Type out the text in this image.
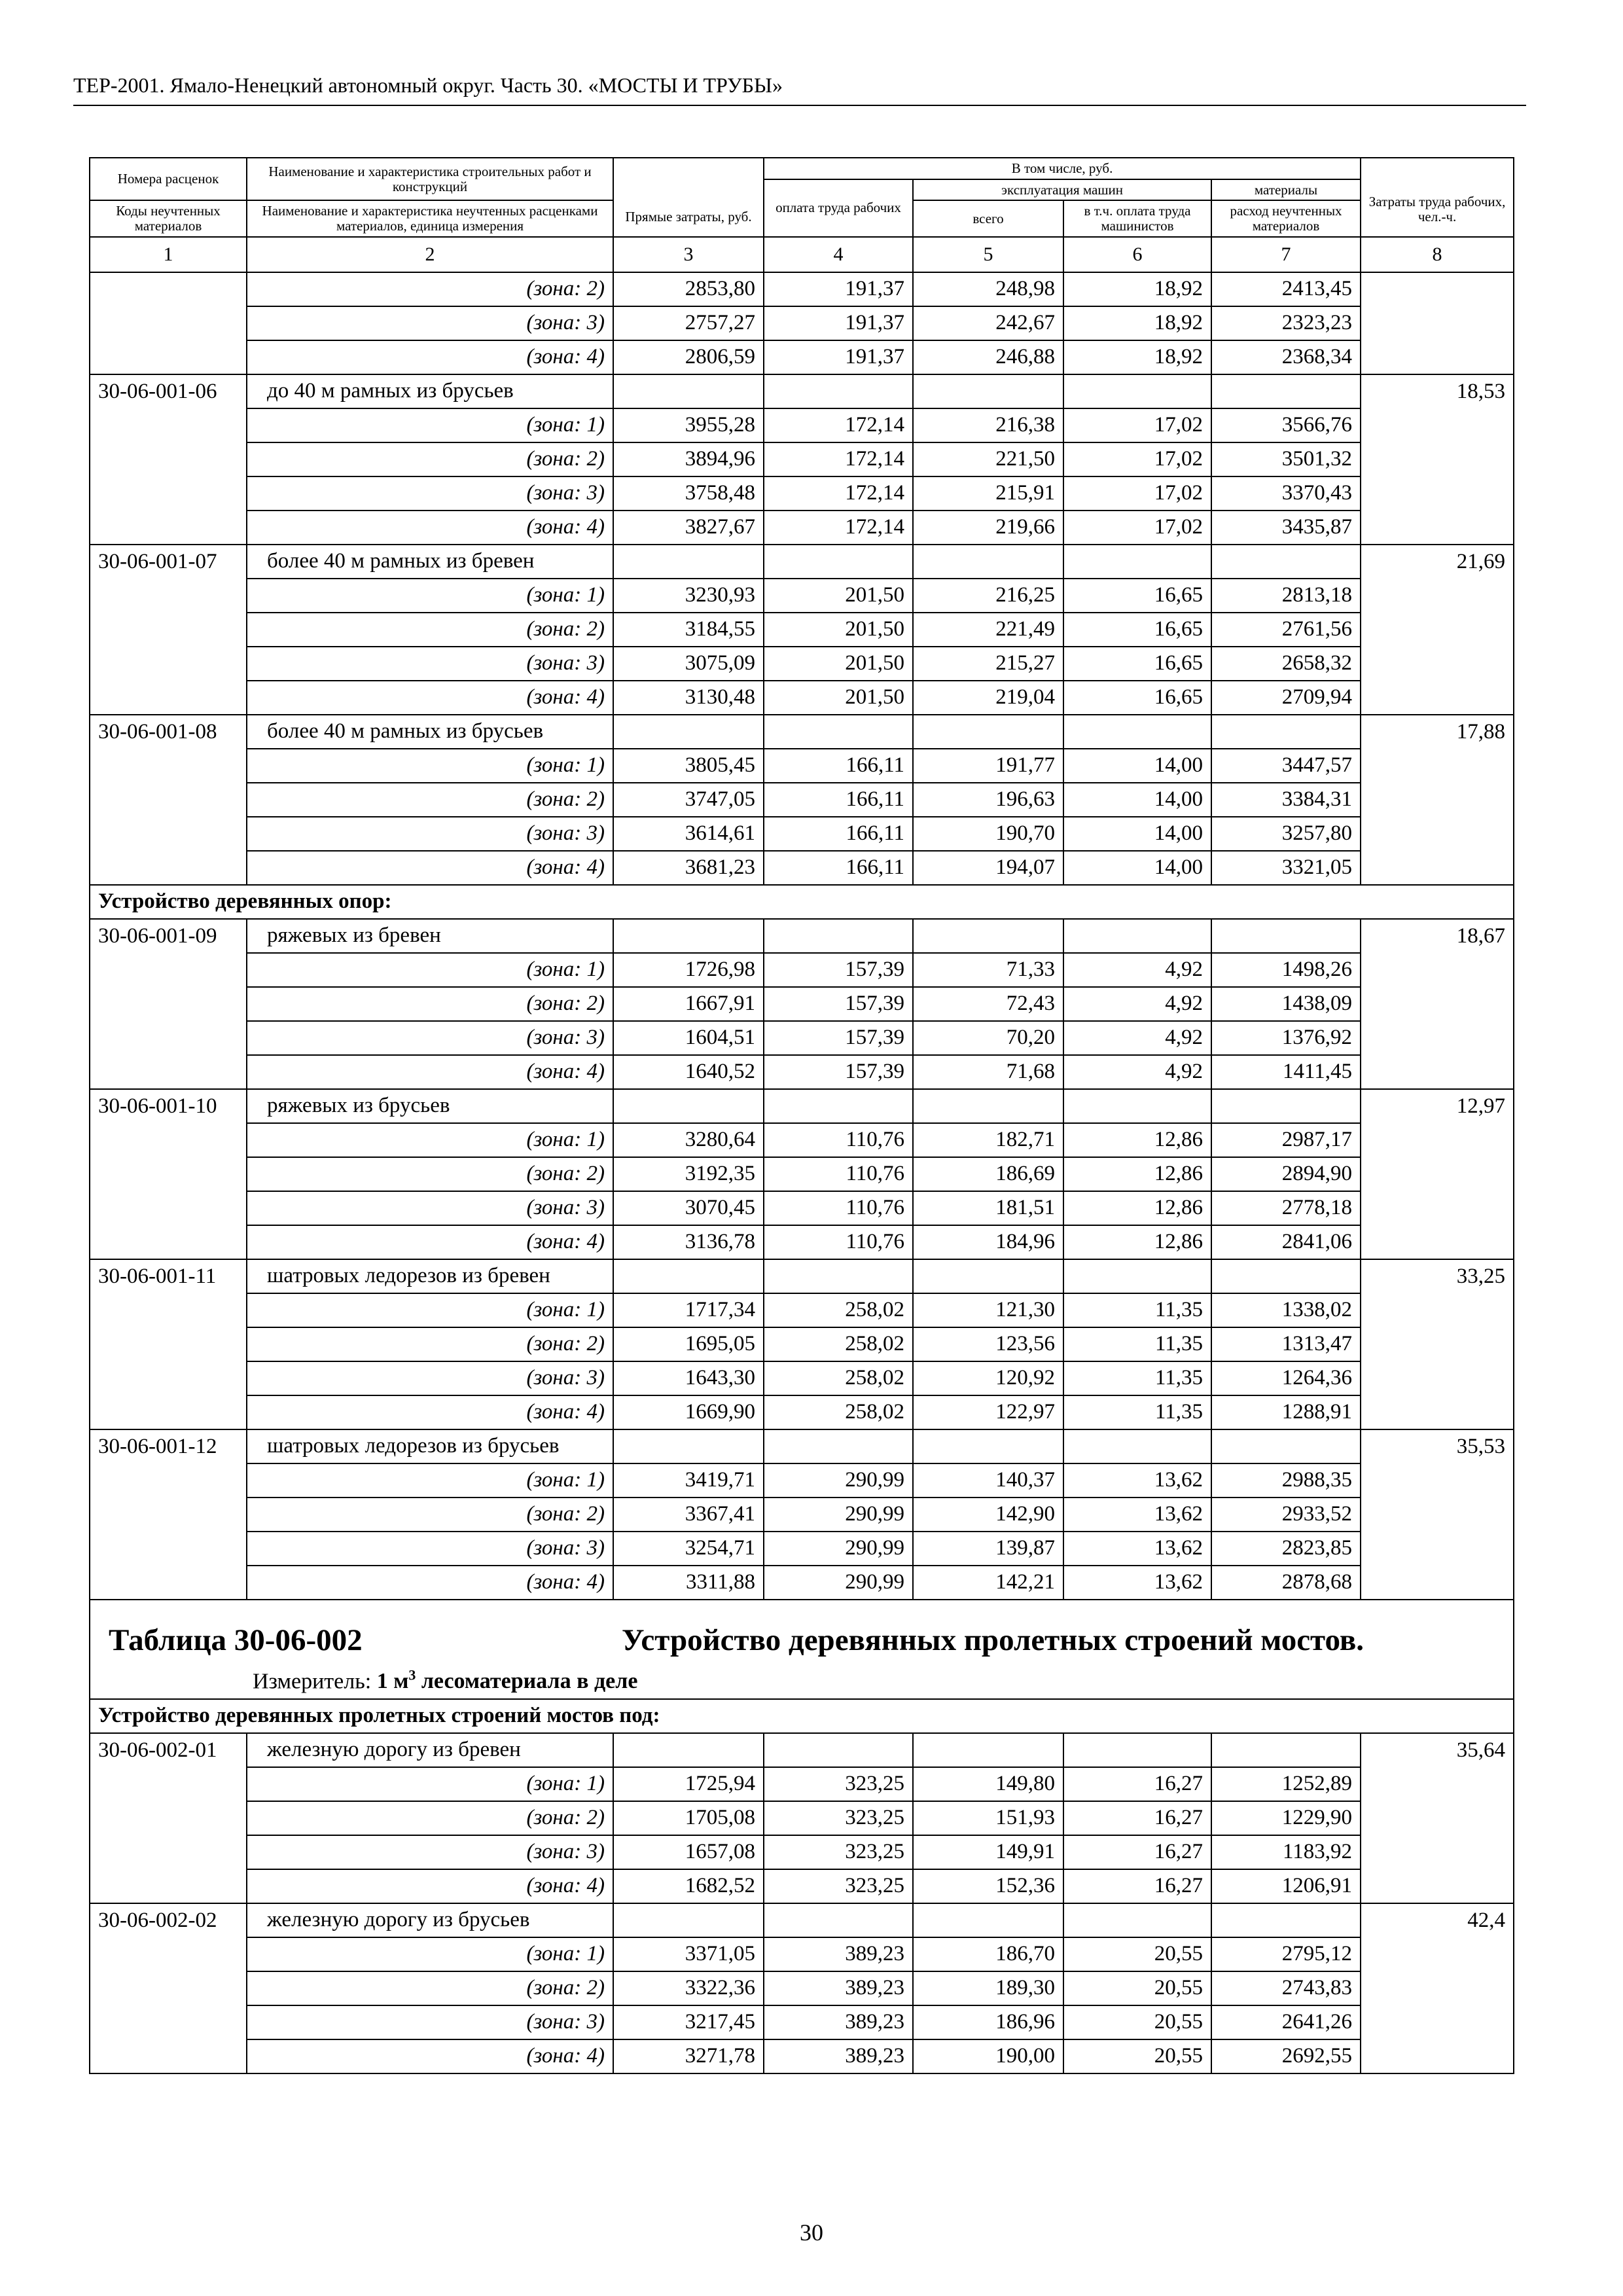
ТЕР-2001. Ямало-Ненецкий автономный округ. Часть 30. «МОСТЫ И ТРУБЫ»
Номера расценок	Наименование и характеристика строительных работ и конструкций	Прямые затраты, руб.	В том числе, руб.				Затраты труда рабочих, чел.-ч.
			оплата труда рабочих	эксплуатация машин		материалы	
Коды неучтенных материалов	Наименование и характеристика неучтенных расценками материалов, единица измерения			всего	в т.ч. оплата труда машинистов	расход неучтенных материалов	
1	2	3	4	5	6	7	8
	(зона: 2)	2853,80	191,37	248,98	18,92	2413,45	
	(зона: 3)	2757,27	191,37	242,67	18,92	2323,23	
	(зона: 4)	2806,59	191,37	246,88	18,92	2368,34	
30-06-001-06	до 40 м рамных из брусьев						18,53
	(зона: 1)	3955,28	172,14	216,38	17,02	3566,76	
	(зона: 2)	3894,96	172,14	221,50	17,02	3501,32	
	(зона: 3)	3758,48	172,14	215,91	17,02	3370,43	
	(зона: 4)	3827,67	172,14	219,66	17,02	3435,87	
30-06-001-07	более 40 м рамных из бревен						21,69
	(зона: 1)	3230,93	201,50	216,25	16,65	2813,18	
	(зона: 2)	3184,55	201,50	221,49	16,65	2761,56	
	(зона: 3)	3075,09	201,50	215,27	16,65	2658,32	
	(зона: 4)	3130,48	201,50	219,04	16,65	2709,94	
30-06-001-08	более 40 м рамных из брусьев						17,88
	(зона: 1)	3805,45	166,11	191,77	14,00	3447,57	
	(зона: 2)	3747,05	166,11	196,63	14,00	3384,31	
	(зона: 3)	3614,61	166,11	190,70	14,00	3257,80	
	(зона: 4)	3681,23	166,11	194,07	14,00	3321,05	
Устройство деревянных опор:							
30-06-001-09	ряжевых из бревен						18,67
	(зона: 1)	1726,98	157,39	71,33	4,92	1498,26	
	(зона: 2)	1667,91	157,39	72,43	4,92	1438,09	
	(зона: 3)	1604,51	157,39	70,20	4,92	1376,92	
	(зона: 4)	1640,52	157,39	71,68	4,92	1411,45	
30-06-001-10	ряжевых из брусьев						12,97
	(зона: 1)	3280,64	110,76	182,71	12,86	2987,17	
	(зона: 2)	3192,35	110,76	186,69	12,86	2894,90	
	(зона: 3)	3070,45	110,76	181,51	12,86	2778,18	
	(зона: 4)	3136,78	110,76	184,96	12,86	2841,06	
30-06-001-11	шатровых ледорезов из бревен						33,25
	(зона: 1)	1717,34	258,02	121,30	11,35	1338,02	
	(зона: 2)	1695,05	258,02	123,56	11,35	1313,47	
	(зона: 3)	1643,30	258,02	120,92	11,35	1264,36	
	(зона: 4)	1669,90	258,02	122,97	11,35	1288,91	
30-06-001-12	шатровых ледорезов из брусьев						35,53
	(зона: 1)	3419,71	290,99	140,37	13,62	2988,35	
	(зона: 2)	3367,41	290,99	142,90	13,62	2933,52	
	(зона: 3)	3254,71	290,99	139,87	13,62	2823,85	
	(зона: 4)	3311,88	290,99	142,21	13,62	2878,68	

Таблица 30-06-002 Устройство деревянных пролетных строений мостов.
Измеритель: 1 $м^3$ лесоматериала в деле							

Устройство деревянных пролетных строений мостов под:							
30-06-002-01	железную дорогу из бревен						35,64
	(зона: 1)	1725,94	323,25	149,80	16,27	1252,89	
	(зона: 2)	1705,08	323,25	151,93	16,27	1229,90	
	(зона: 3)	1657,08	323,25	149,91	16,27	1183,92	
	(зона: 4)	1682,52	323,25	152,36	16,27	1206,91	
30-06-002-02	железную дорогу из брусьев						42,4
	(зона: 1)	3371,05	389,23	186,70	20,55	2795,12	
	(зона: 2)	3322,36	389,23	189,30	20,55	2743,83	
	(зона: 3)	3217,45	389,23	186,96	20,55	2641,26	
	(зона: 4)	3271,78	389,23	190,00	20,55	2692,55	
30
